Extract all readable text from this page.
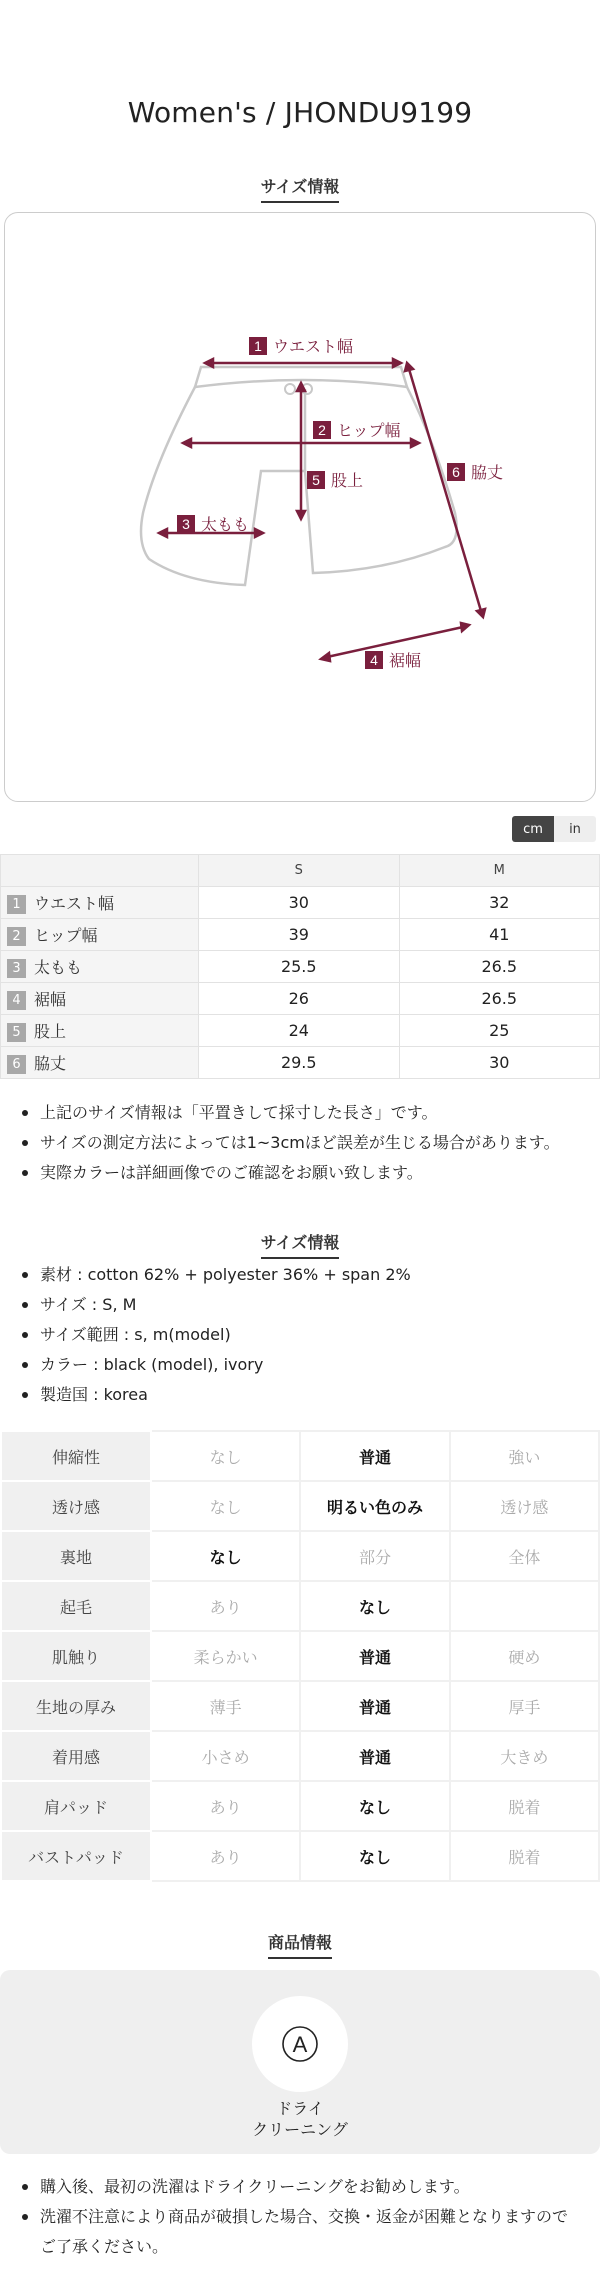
Women's / JHONDU9199
サイズ情報
1 ウエスト幅
2 ヒップ幅
3 太もも
4 裾幅
5 股上	6 脇丈
cm	in
	S	M
1 ウエスト幅	30	32
2 ヒップ幅	39	41
3 太もも	25.5	26.5
4 裾幅	26	26.5
5 股上	24	25
6 脇丈	29.5	30
上記のサイズ情報は「平置きして採寸した長さ」です。
サイズの測定方法によっては1~3cmほど誤差が生じる場合があります。
実際カラーは詳細画像でのご確認をお願い致します。
サイズ情報
素材 : cotton 62% + polyester 36% + span 2%
サイズ : S, M
サイズ範囲 : s, m(model)
カラー : black (model), ivory
製造国 : korea
伸縮性	なし	普通	強い
透け感	なし	明るい色のみ	透け感
裏地	なし	部分	全体
起毛	あり	なし	
肌触り	柔らかい	普通	硬め
生地の厚み	薄手	普通	厚手
着用感	小さめ	普通	大きめ
肩パッド	あり	なし	脱着
バストパッド	あり	なし	脱着
商品情報
A
ドライ
クリーニング
購入後、最初の洗濯はドライクリーニングをお勧めします。
洗濯不注意により商品が破損した場合、交換・返金が困難となりますので
ご了承ください。
